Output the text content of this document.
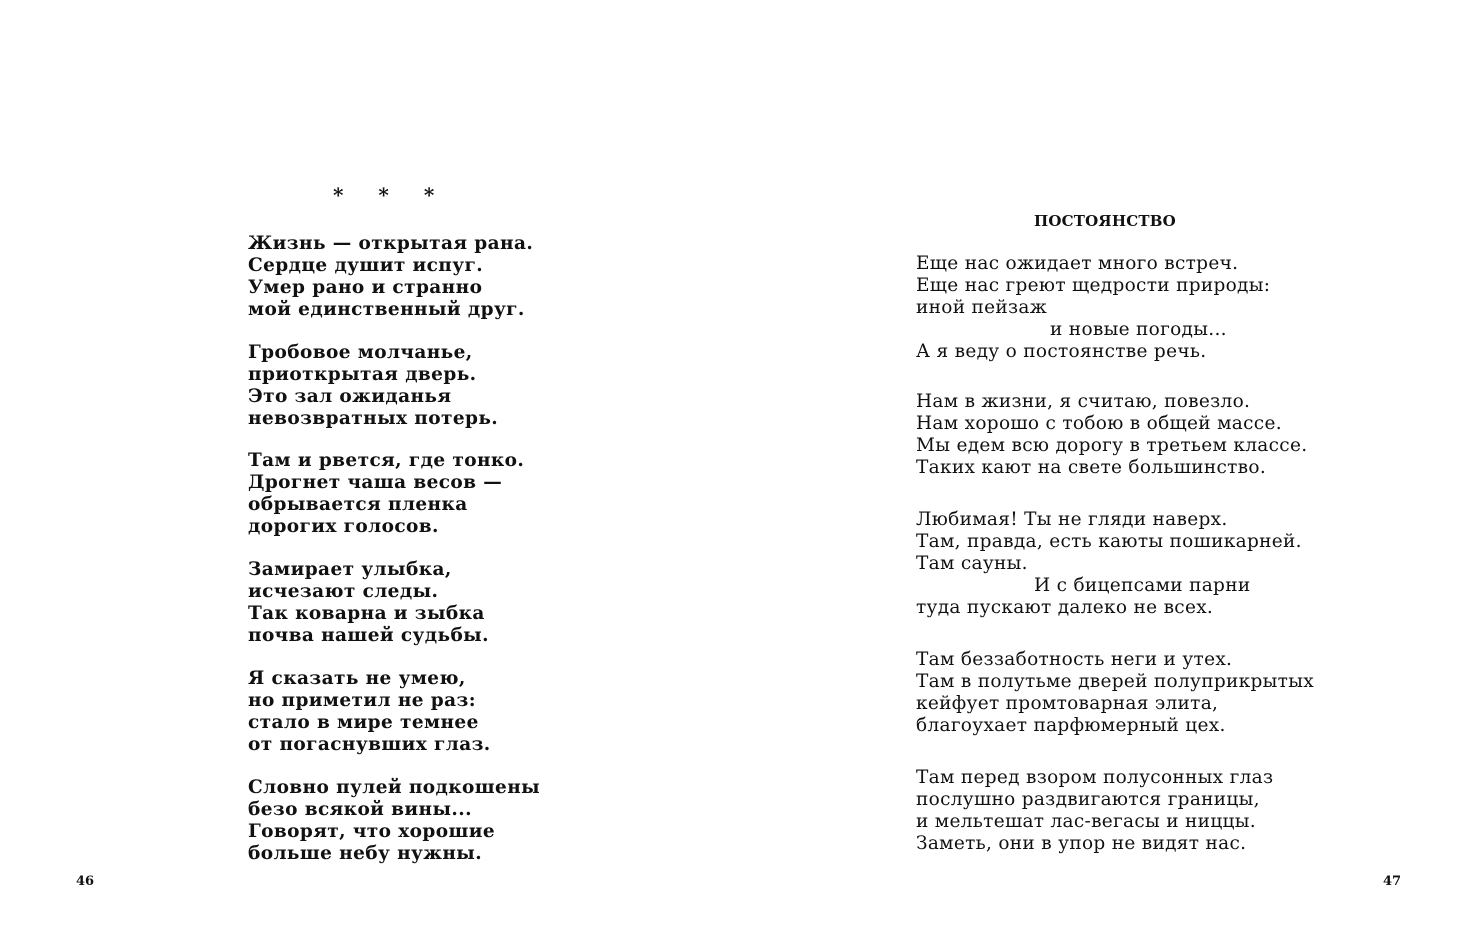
* * *
Жизнь — открытая рана.
Сердце душит испуг.
Умер рано и странно
мой единственный друг.
Гробовое молчанье,
приоткрытая дверь.
Это зал ожиданья
невозвратных потерь.
Там и рвется, где тонко.
Дрогнет чаша весов —
обрывается пленка
дорогих голосов.
Замирает улыбка,
исчезают следы.
Так коварна и зыбка
почва нашей судьбы.
Я сказать не умею,
но приметил не раз:
стало в мире темнее
от погаснувших глаз.
Словно пулей подкошены
безо всякой вины...
Говорят, что хорошие
больше небу нужны.
46
ПОСТОЯНСТВО
Еще нас ожидает много встреч.
Еще нас греют щедрости природы:
иной пейзаж
и новые погоды...
А я веду о постоянстве речь.
Нам в жизни, я считаю, повезло.
Нам хорошо с тобою в общей массе.
Мы едем всю дорогу в третьем классе.
Таких кают на свете большинство.
Любимая! Ты не гляди наверх.
Там, правда, есть каюты пошикарней.
Там сауны.
И с бицепсами парни
туда пускают далеко не всех.
Там беззаботность неги и утех.
Там в полутьме дверей полуприкрытых
кейфует промтоварная элита,
благоухает парфюмерный цех.
Там перед взором полусонных глаз
послушно раздвигаются границы,
и мельтешат лас-вегасы и ниццы.
Заметь, они в упор не видят нас.
47
